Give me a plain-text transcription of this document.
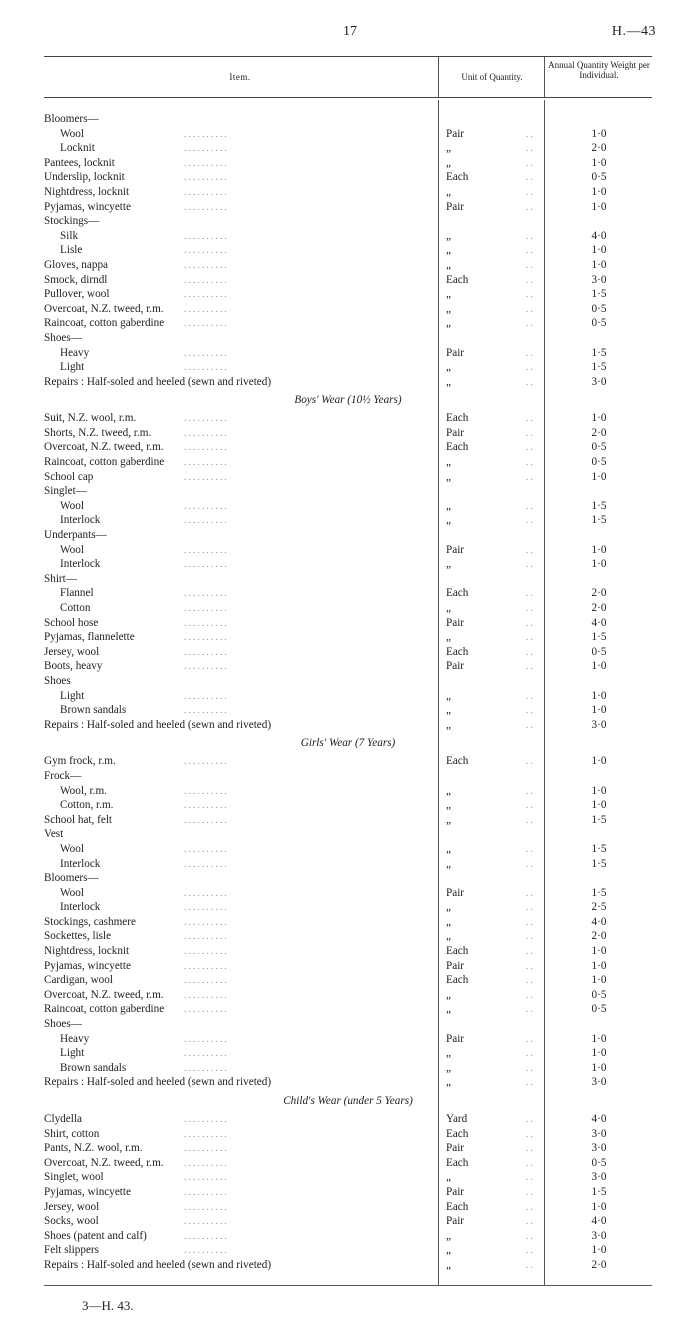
17	H.—43
Item.	Unit of Quantity.
Annual Quantity Weight per Individual.
Bloomers—
Wool	. . . . . . . . . .	Pair	. .	1·0
Locknit	. . . . . . . . . .	„	. .	2·0
Pantees, locknit	. . . . . . . . . .	„	. .	1·0
Underslip, locknit	. . . . . . . . . .	Each	. .	0·5
Nightdress, locknit	. . . . . . . . . .	„	. .	1·0
Pyjamas, wincyette	. . . . . . . . . .	Pair	. .	1·0
Stockings—
Silk	. . . . . . . . . .	„	. .	4·0
Lisle	. . . . . . . . . .	„	. .	1·0
Gloves, nappa	. . . . . . . . . .	„	. .	1·0
Smock, dirndl	. . . . . . . . . .	Each	. .	3·0
Pullover, wool	. . . . . . . . . .	„	. .	1·5
Overcoat, N.Z. tweed, r.m. . . . . . . . . . .	„	. .	0·5
Raincoat, cotton gaberdine . . . . . . . . . .	„	. .	0·5
Shoes—
Heavy	. . . . . . . . . .	Pair	. .	1·5
Light	. . . . . . . . . .	„	. .	1·5
Repairs : Half-soled and heeled (sewn and riveted)	„	. .	3·0
Boys' Wear (10½ Years)
Suit, N.Z. wool, r.m.	. . . . . . . . . .	Each	. .	1·0
Shorts, N.Z. tweed, r.m.	. . . . . . . . . .	Pair	. .	2·0
Overcoat, N.Z. tweed, r.m. . . . . . . . . . .	Each	. .	0·5
Raincoat, cotton gaberdine . . . . . . . . . .	„	. .	0·5
School cap	. . . . . . . . . .	„	. .	1·0
Singlet—
Wool	. . . . . . . . . .	„	. .	1·5
Interlock	. . . . . . . . . .	„	. .	1·5
Underpants—
Wool	. . . . . . . . . .	Pair	. .	1·0
Interlock	. . . . . . . . . .	„	. .	1·0
Shirt—
Flannel	. . . . . . . . . .	Each	. .	2·0
Cotton	. . . . . . . . . .	„	. .	2·0
School hose	. . . . . . . . . .	Pair	. .	4·0
Pyjamas, flannelette	. . . . . . . . . .	„	. .	1·5
Jersey, wool	. . . . . . . . . .	Each	. .	0·5
Boots, heavy	. . . . . . . . . .	Pair	. .	1·0
Shoes
Light	. . . . . . . . . .	„	. .	1·0
Brown sandals	. . . . . . . . . .	„	. .	1·0
Repairs : Half-soled and heeled (sewn and riveted)	„	. .	3·0
Girls' Wear (7 Years)
Gym frock, r.m.	. . . . . . . . . .	Each	. .	1·0
Frock—
Wool, r.m.	. . . . . . . . . .	„	. .	1·0
Cotton, r.m.	. . . . . . . . . .	„	. .	1·0
School hat, felt	. . . . . . . . . .	„	. .	1·5
Vest
Wool	. . . . . . . . . .	„	. .	1·5
Interlock	. . . . . . . . . .	„	. .	1·5
Bloomers—
Wool	. . . . . . . . . .	Pair	. .	1·5
Interlock	. . . . . . . . . .	„	. .	2·5
Stockings, cashmere	. . . . . . . . . .	„	. .	4·0
Sockettes, lisle	. . . . . . . . . .	„	. .	2·0
Nightdress, locknit	. . . . . . . . . .	Each	. .	1·0
Pyjamas, wincyette	. . . . . . . . . .	Pair	. .	1·0
Cardigan, wool	. . . . . . . . . .	Each	. .	1·0
Overcoat, N.Z. tweed, r.m. . . . . . . . . . .	„	. .	0·5
Raincoat, cotton gaberdine . . . . . . . . . .	„	. .	0·5
Shoes—
Heavy	. . . . . . . . . .	Pair	. .	1·0
Light	. . . . . . . . . .	„	. .	1·0
Brown sandals	. . . . . . . . . .	„	. .	1·0
Repairs : Half-soled and heeled (sewn and riveted)	„	. .	3·0
Child's Wear (under 5 Years)
Clydella	. . . . . . . . . .	Yard	. .	4·0
Shirt, cotton	. . . . . . . . . .	Each	. .	3·0
Pants, N.Z. wool, r.m.	. . . . . . . . . .	Pair	. .	3·0
Overcoat, N.Z. tweed, r.m. . . . . . . . . . .	Each	. .	0·5
Singlet, wool	. . . . . . . . . .	„	. .	3·0
Pyjamas, wincyette	. . . . . . . . . .	Pair	. .	1·5
Jersey, wool	. . . . . . . . . .	Each	. .	1·0
Socks, wool	. . . . . . . . . .	Pair	. .	4·0
Shoes (patent and calf)	. . . . . . . . . .	„	. .	3·0
Felt slippers	. . . . . . . . . .	„	. .	1·0
Repairs : Half-soled and heeled (sewn and riveted)	„	. .	2·0
3—H. 43.
